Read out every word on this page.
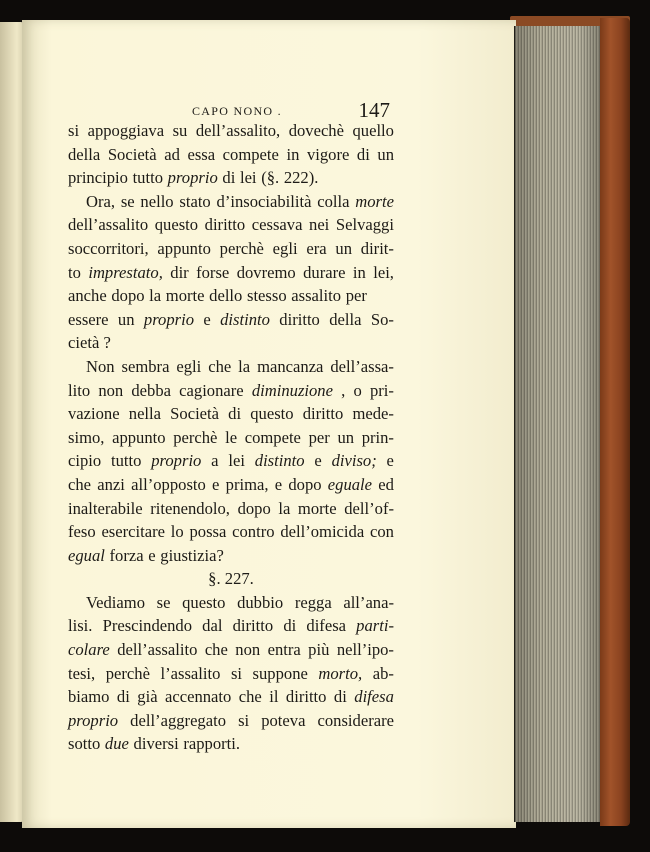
CAPO NONO .	147
si appoggiava su dell’assalito, dovechè quello
della Società ad essa compete in vigore di un
principio tutto proprio di lei (§. 222).
Ora, se nello stato d’insociabilità colla morte
dell’assalito questo diritto cessava nei Selvaggi
soccorritori, appunto perchè egli era un dirit-
to imprestato, dir forse dovremo durare in lei,
anche dopo la morte dello stesso assalito per
essere un proprio e distinto diritto della So-
cietà ?
Non sembra egli che la mancanza dell’assa-
lito non debba cagionare diminuzione , o pri-
vazione nella Società di questo diritto mede-
simo, appunto perchè le compete per un prin-
cipio tutto proprio a lei distinto e diviso; e
che anzi all’opposto e prima, e dopo eguale ed
inalterabile ritenendolo, dopo la morte dell’of-
feso esercitare lo possa contro dell’omicida con
egual forza e giustizia?
§. 227.
Vediamo se questo dubbio regga all’ana-
lisi. Prescindendo dal diritto di difesa parti-
colare dell’assalito che non entra più nell’ipo-
tesi, perchè l’assalito si suppone morto, ab-
biamo di già accennato che il diritto di difesa
proprio dell’aggregato si poteva considerare
sotto due diversi rapporti.
